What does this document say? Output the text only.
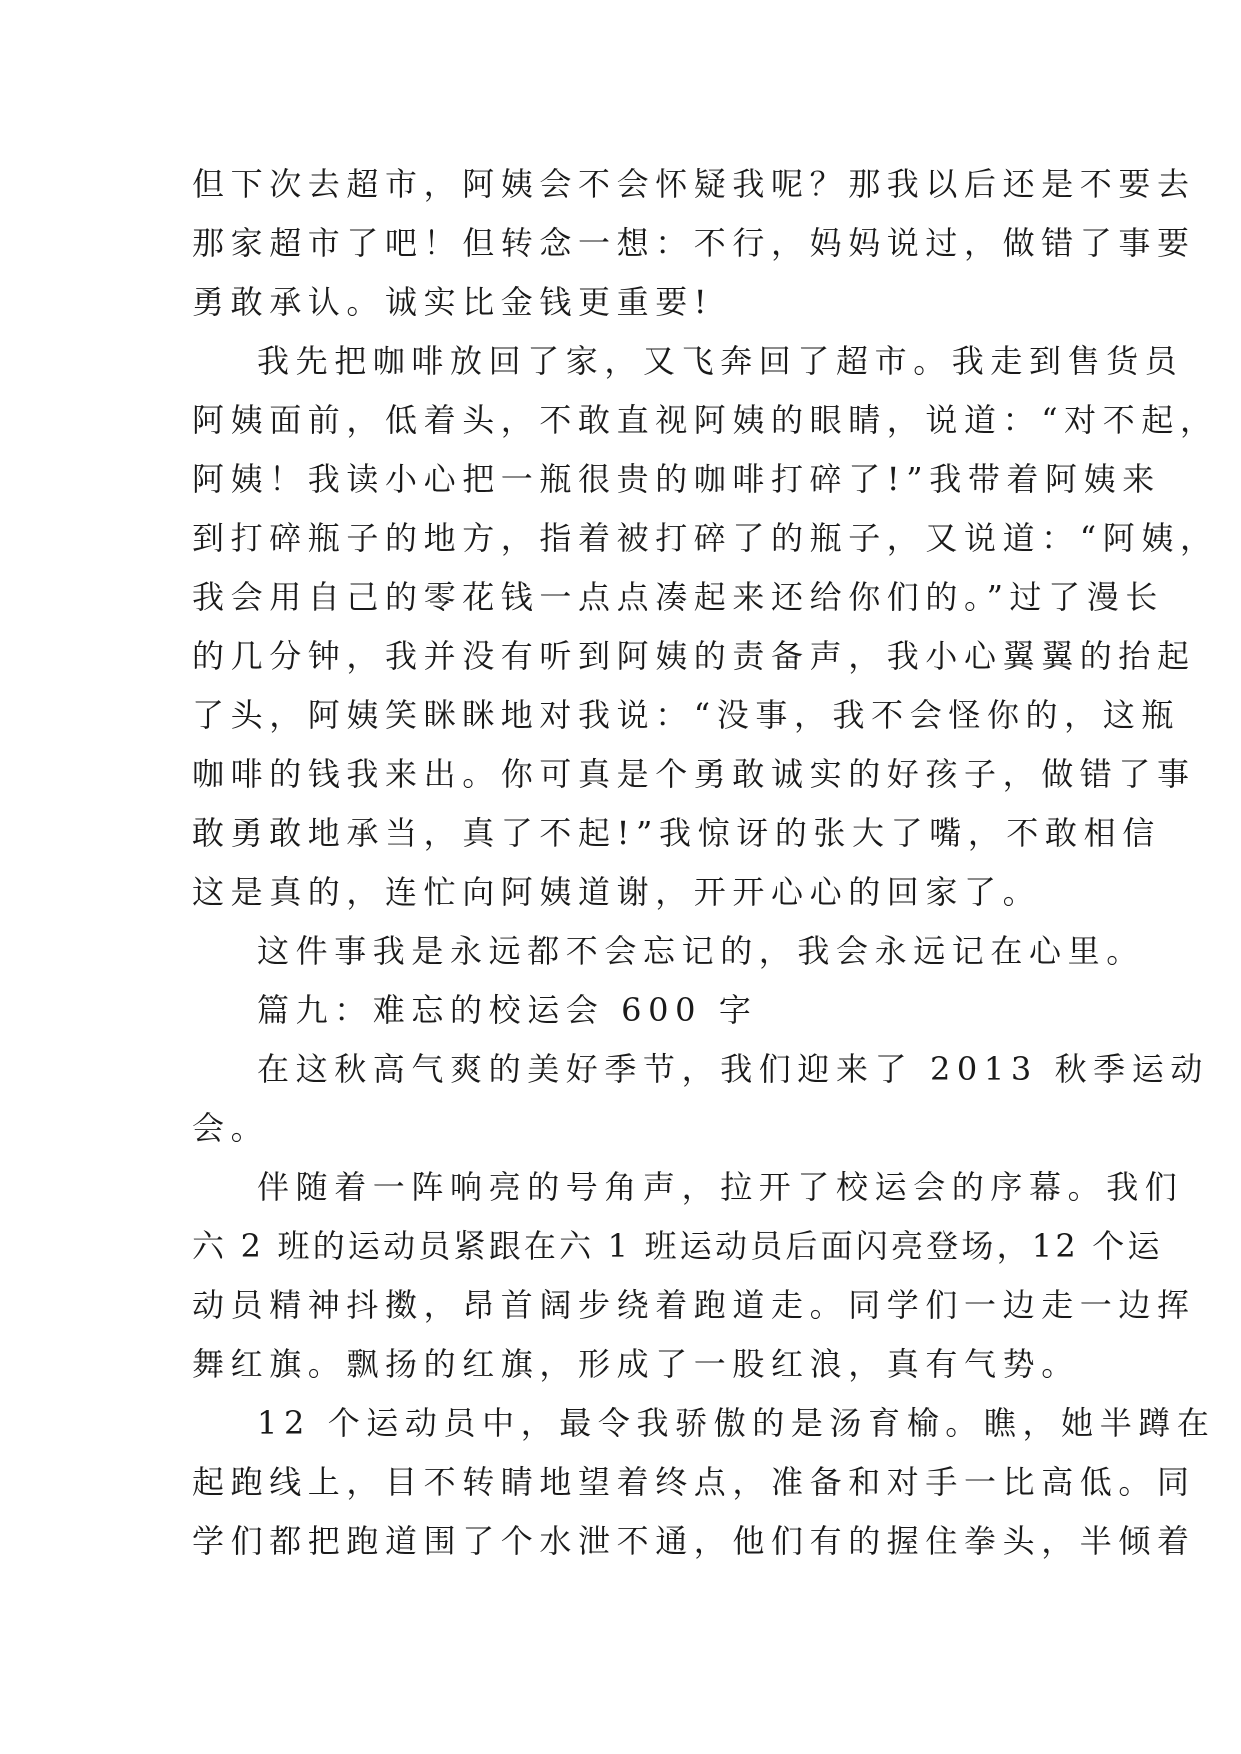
但下次去超市，阿姨会不会怀疑我呢？那我以后还是不要去
那家超市了吧！但转念一想：不行，妈妈说过，做错了事要
勇敢承认。诚实比金钱更重要!
我先把咖啡放回了家，又飞奔回了超市。我走到售货员
阿姨面前，低着头，不敢直视阿姨的眼睛，说道：“对不起，
阿姨！我读小心把一瓶很贵的咖啡打碎了!”我带着阿姨来
到打碎瓶子的地方，指着被打碎了的瓶子，又说道：“阿姨，
我会用自己的零花钱一点点凑起来还给你们的。”过了漫长
的几分钟，我并没有听到阿姨的责备声，我小心翼翼的抬起
了头，阿姨笑眯眯地对我说：“没事，我不会怪你的，这瓶
咖啡的钱我来出。你可真是个勇敢诚实的好孩子，做错了事
敢勇敢地承当，真了不起!”我惊讶的张大了嘴，不敢相信
这是真的，连忙向阿姨道谢，开开心心的回家了。
这件事我是永远都不会忘记的，我会永远记在心里。
篇九：难忘的校运会 600 字
在这秋高气爽的美好季节，我们迎来了 2013 秋季运动
会。
伴随着一阵响亮的号角声，拉开了校运会的序幕。我们
六 2 班的运动员紧跟在六 1 班运动员后面闪亮登场，12 个运
动员精神抖擞，昂首阔步绕着跑道走。同学们一边走一边挥
舞红旗。飘扬的红旗，形成了一股红浪，真有气势。
12 个运动员中，最令我骄傲的是汤育榆。瞧，她半蹲在
起跑线上，目不转睛地望着终点，准备和对手一比高低。同
学们都把跑道围了个水泄不通，他们有的握住拳头，半倾着
